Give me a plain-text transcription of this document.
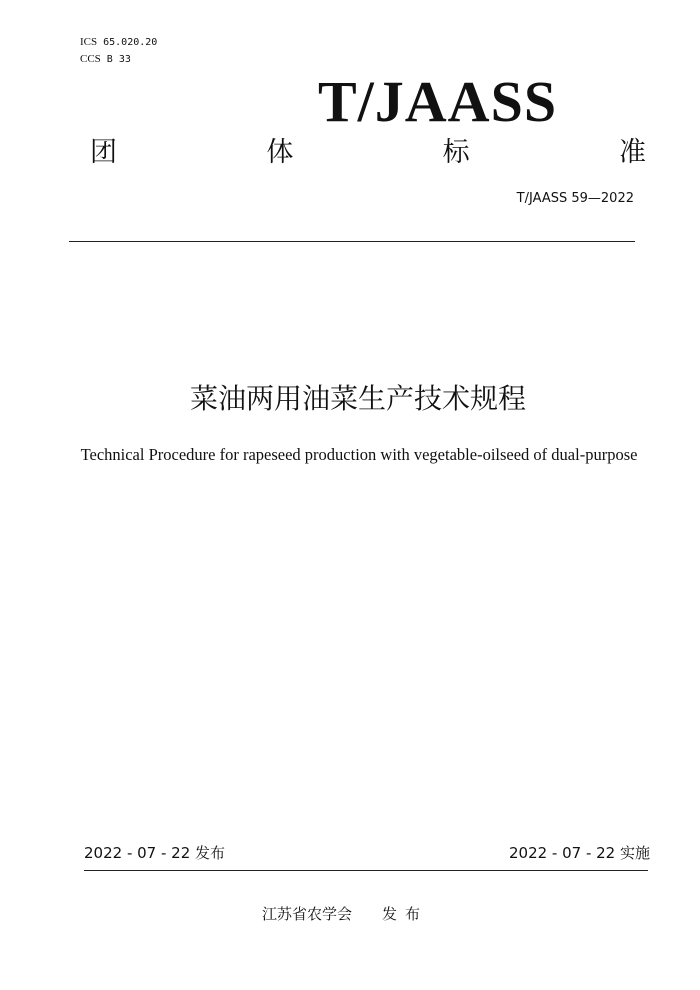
ICS 65.020.20
CCS B 33
T/JAASS
团	体	标	准
T/JAASS 59—2022
菜油两用油菜生产技术规程
Technical Procedure for rapeseed production with vegetable-oilseed of dual-purpose
2022 - 07 - 22 发布	2022 - 07 - 22 实施
江苏省农学会 发布
